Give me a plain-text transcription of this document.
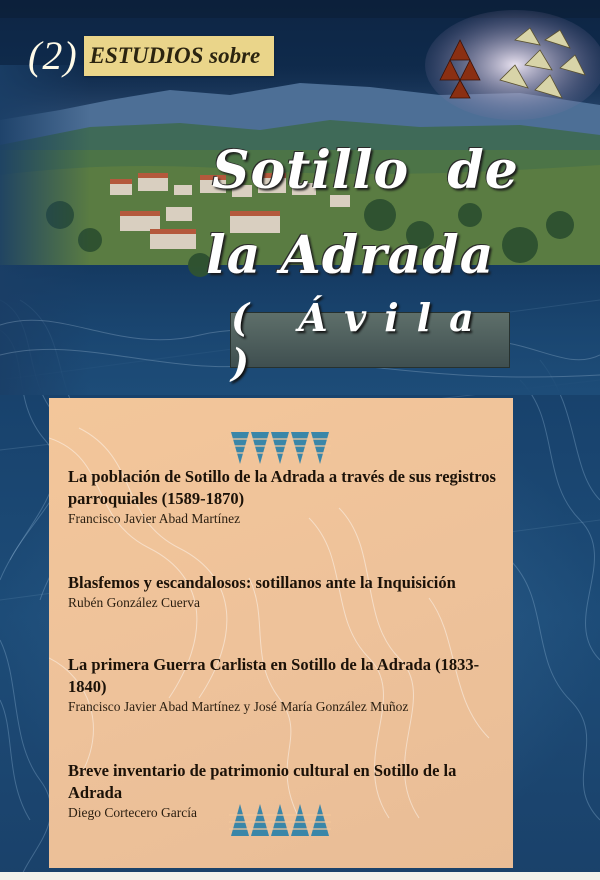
(2) ESTUDIOS sobre
Sotillo  de
la Adrada
( Ávila )
La población de Sotillo de la Adrada a través de sus registros parroquiales (1589-1870)
Francisco Javier Abad Martínez
Blasfemos y escandalosos: sotillanos ante la Inquisición
Rubén González Cuerva
La primera Guerra Carlista en Sotillo de la Adrada (1833-1840)
Francisco Javier Abad Martínez y José María González Muñoz
Breve inventario de patrimonio cultural en Sotillo de la Adrada
Diego Cortecero García
